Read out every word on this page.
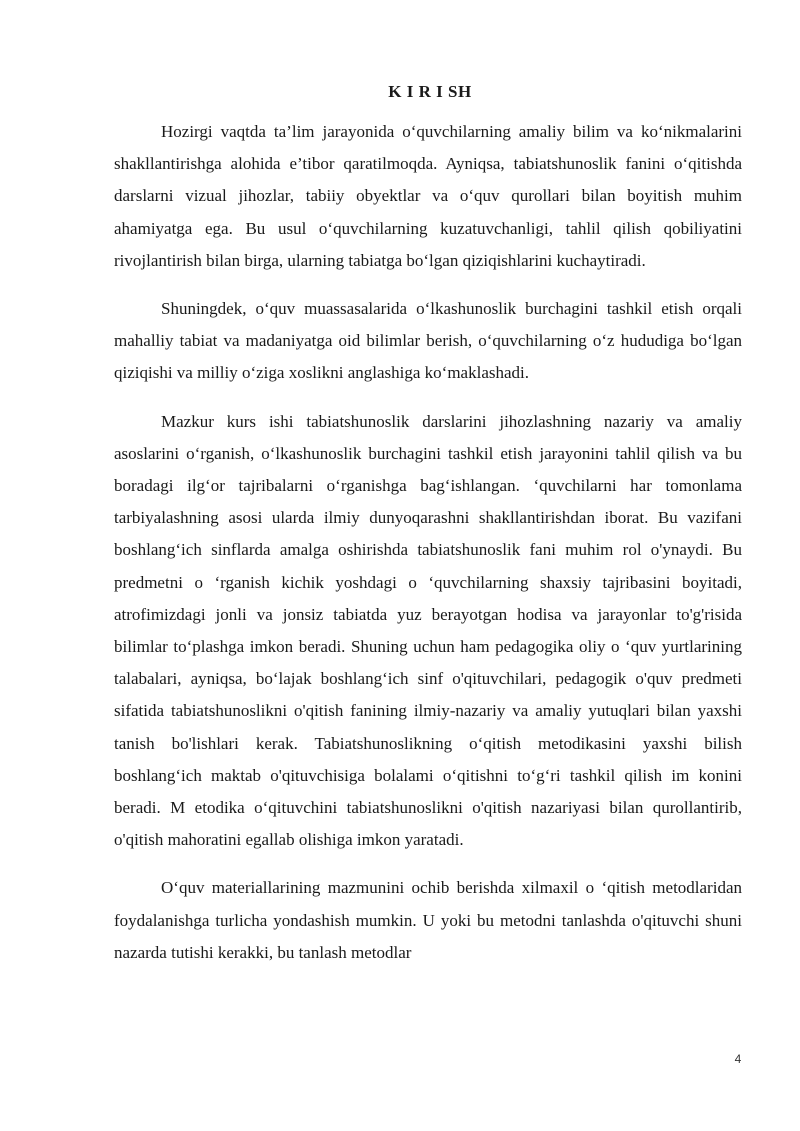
K I R I SH

Hozirgi vaqtda ta’lim jarayonida o‘quvchilarning amaliy bilim va ko‘nikmalarini shakllantirishga alohida e’tibor qaratilmoqda. Ayniqsa, tabiatshunoslik fanini o‘qitishda darslarni vizual jihozlar, tabiiy obyektlar va o‘quv qurollari bilan boyitish muhim ahamiyatga ega. Bu usul o‘quvchilarning kuzatuvchanligi, tahlil qilish qobiliyatini rivojlantirish bilan birga, ularning tabiatga bo‘lgan qiziqishlarini kuchaytiradi.

Shuningdek, o‘quv muassasalarida o‘lkashunoslik burchagini tashkil etish orqali mahalliy tabiat va madaniyatga oid bilimlar berish, o‘quvchilarning o‘z hududiga bo‘lgan qiziqishi va milliy o‘ziga xoslikni anglashiga ko‘maklashadi.

Mazkur kurs ishi tabiatshunoslik darslarini jihozlashning nazariy va amaliy asoslarini o‘rganish, o‘lkashunoslik burchagini tashkil etish jarayonini tahlil qilish va bu boradagi ilg‘or tajribalarni o‘rganishga bag‘ishlangan. ‘quvchilarni har tomonlama tarbiyalashning asosi ularda ilmiy dunyoqarashni shakllantirishdan iborat. Bu vazifani boshlang‘ich sinflarda amalga oshirishda tabiatshunoslik fani muhim rol o'ynaydi. Bu predmetni o ‘rganish kichik yoshdagi o ‘quvchilarning shaxsiy tajribasini boyitadi, atrofimizdagi jonli va jonsiz tabiatda yuz berayotgan hodisa va jarayonlar to'g'risida bilimlar to‘plashga imkon beradi. Shuning uchun ham pedagogika oliy o ‘quv yurtlarining talabalari, ayniqsa, bo‘lajak boshlang‘ich sinf o'qituvchilari, pedagogik o'quv predmeti sifatida tabiatshunoslikni o'qitish fanining ilmiy-nazariy va amaliy yutuqlari bilan yaxshi tanish bo'lishlari kerak. Tabiatshunoslikning o‘qitish metodikasini yaxshi bilish boshlang‘ich maktab o'qituvchisiga bolalami o‘qitishni to‘g‘ri tashkil qilish im konini beradi. M etodika o‘qituvchini tabiatshunoslikni o'qitish nazariyasi bilan qurollantirib, o'qitish mahoratini egallab olishiga imkon yaratadi.

O‘quv materiallarining mazmunini ochib berishda xilmaxil o ‘qitish metodlaridan foydalanishga turlicha yondashish mumkin. U yoki bu metodni tanlashda o'qituvchi shuni nazarda tutishi kerakki, bu tanlash metodlar

4
